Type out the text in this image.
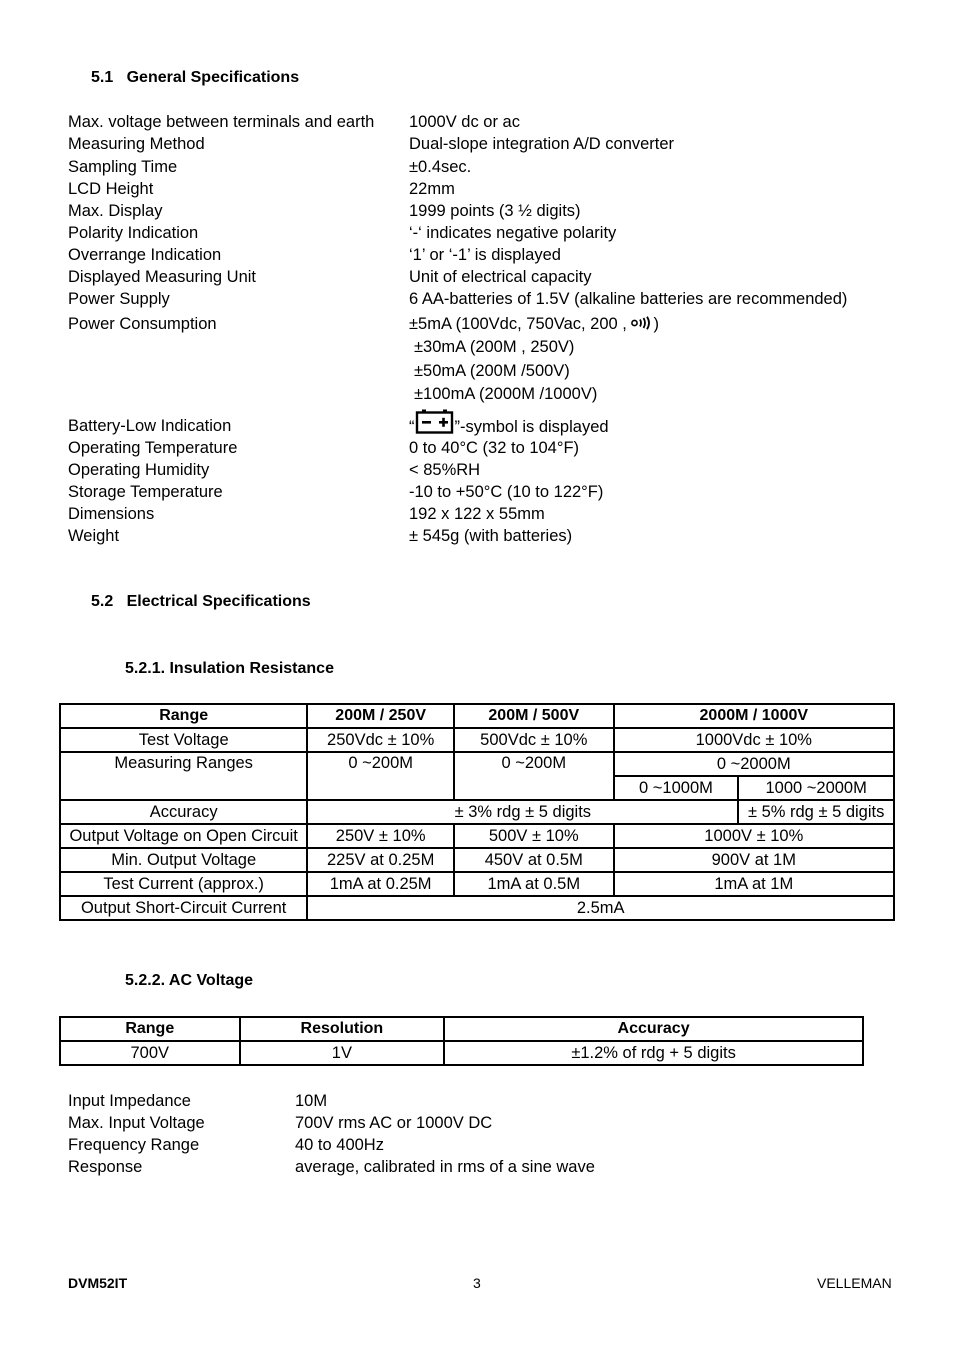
5.1 General Specifications
Max. voltage between terminals and earth 1000V dc or ac
Measuring Method	Dual-slope integration A/D converter
Sampling Time	±0.4sec.
LCD Height	22mm
Max. Display	1999 points (3 ½ digits)
Polarity Indication	‘-‘ indicates negative polarity
Overrange Indication	‘1’ or ‘-1’ is displayed
Displayed Measuring Unit	Unit of electrical capacity
Power Supply	6 AA-batteries of 1.5V (alkaline batteries are recommended)
Power Consumption	±5mA (100Vdc, 750Vac, 200 , )
±30mA (200M , 250V)
±50mA (200M /500V)
±100mA (2000M /1000V)
Battery-Low Indication	“ ”-symbol is displayed
Operating Temperature	0 to 40°C (32 to 104°F)
Operating Humidity	< 85%RH
Storage Temperature	-10 to +50°C (10 to 122°F)
Dimensions	192 x 122 x 55mm
Weight	± 545g (with batteries)
5.2 Electrical Specifications
5.2.1. Insulation Resistance
Range	200M / 250V	200M / 500V	2000M / 1000V	
Test Voltage	250Vdc ± 10%	500Vdc ± 10%	1000Vdc ± 10%	
Measuring Ranges	0 ~200M	0 ~200M	0 ~2000M	
			0 ~1000M	1000 ~2000M
Accuracy	± 3% rdg ± 5 digits			± 5% rdg ± 5 digits
Output Voltage on Open Circuit	250V ± 10%	500V ± 10%	1000V ± 10%	
Min. Output Voltage	225V at 0.25M	450V at 0.5M	900V at 1M	
Test Current (approx.)	1mA at 0.25M	1mA at 0.5M	1mA at 1M	
Output Short-Circuit Current	2.5mA			
5.2.2. AC Voltage
Range	Resolution	Accuracy
700V	1V	±1.2% of rdg + 5 digits
Input Impedance	10M
Max. Input Voltage	700V rms AC or 1000V DC
Frequency Range	40 to 400Hz
Response	average, calibrated in rms of a sine wave
DVM52IT	3	VELLEMAN
